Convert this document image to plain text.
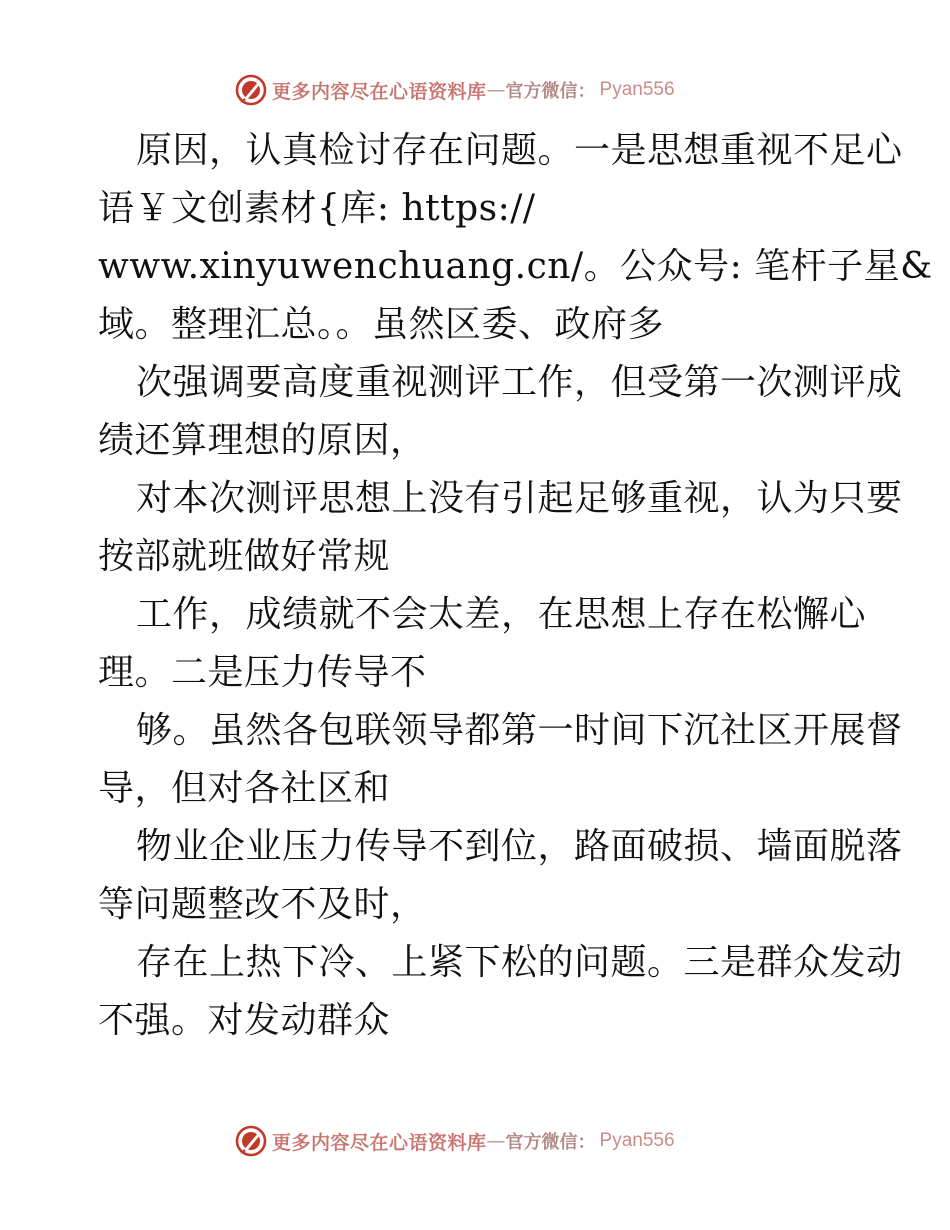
更多内容尽在心语资料库 — 官方微信： Pyan556
原因，认真检讨存在问题。一是思想重视不足心
语￥文创素材{库: https://
www.xinyuwenchuang.cn/。公众号: 笔杆子星&
域。整理汇总。。虽然区委、政府多
次强调要高度重视测评工作，但受第一次测评成
绩还算理想的原因，
对本次测评思想上没有引起足够重视，认为只要
按部就班做好常规
工作，成绩就不会太差，在思想上存在松懈心
理。二是压力传导不
够。虽然各包联领导都第一时间下沉社区开展督
导，但对各社区和
物业企业压力传导不到位，路面破损、墙面脱落
等问题整改不及时，
存在上热下冷、上紧下松的问题。三是群众发动
不强。对发动群众
更多内容尽在心语资料库 — 官方微信： Pyan556
